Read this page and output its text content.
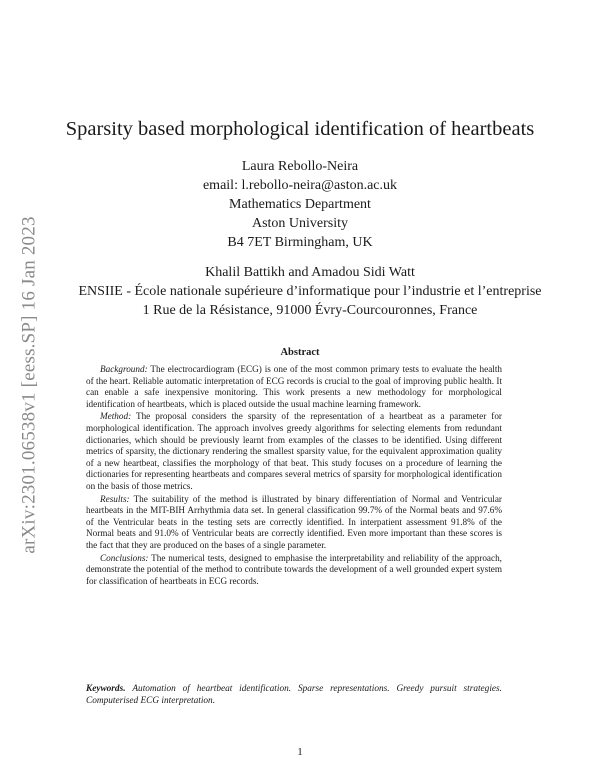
arXiv:2301.06538v1 [eess.SP] 16 Jan 2023
Sparsity based morphological identification of heartbeats
Laura Rebollo-Neira
email: l.rebollo-neira@aston.ac.uk
Mathematics Department
Aston University
B4 7ET Birmingham, UK
Khalil Battikh and Amadou Sidi Watt
ENSIIE - École nationale supérieure d’informatique pour l’industrie et l’entreprise
1 Rue de la Résistance, 91000 Évry-Courcouronnes, France
Abstract

Background: The electrocardiogram (ECG) is one of the most common primary tests to evaluate the health of the heart. Reliable automatic interpretation of ECG records is crucial to the goal of improving public health. It can enable a safe inexpensive monitoring. This work presents a new methodology for morphological identification of heartbeats, which is placed outside the usual machine learning framework.

Method: The proposal considers the sparsity of the representation of a heartbeat as a parameter for morphological identification. The approach involves greedy algorithms for selecting elements from redundant dictionaries, which should be previously learnt from examples of the classes to be identified. Using different metrics of sparsity, the dictionary rendering the smallest sparsity value, for the equivalent approximation quality of a new heartbeat, classifies the morphology of that beat. This study focuses on a procedure of learning the dictionaries for representing heartbeats and compares several metrics of sparsity for morphological identification on the basis of those metrics.

Results: The suitability of the method is illustrated by binary differentiation of Normal and Ventricular heartbeats in the MIT-BIH Arrhythmia data set. In general classification 99.7% of the Normal beats and 97.6% of the Ventricular beats in the testing sets are correctly identified. In interpatient assessment 91.8% of the Normal beats and 91.0% of Ventricular beats are correctly identified. Even more important than these scores is the fact that they are produced on the bases of a single parameter.

Conclusions: The numerical tests, designed to emphasise the interpretability and reliability of the approach, demonstrate the potential of the method to contribute towards the development of a well grounded expert system for classification of heartbeats in ECG records.

Keywords. Automation of heartbeat identification. Sparse representations. Greedy pursuit strategies. Computerised ECG interpretation.
1
